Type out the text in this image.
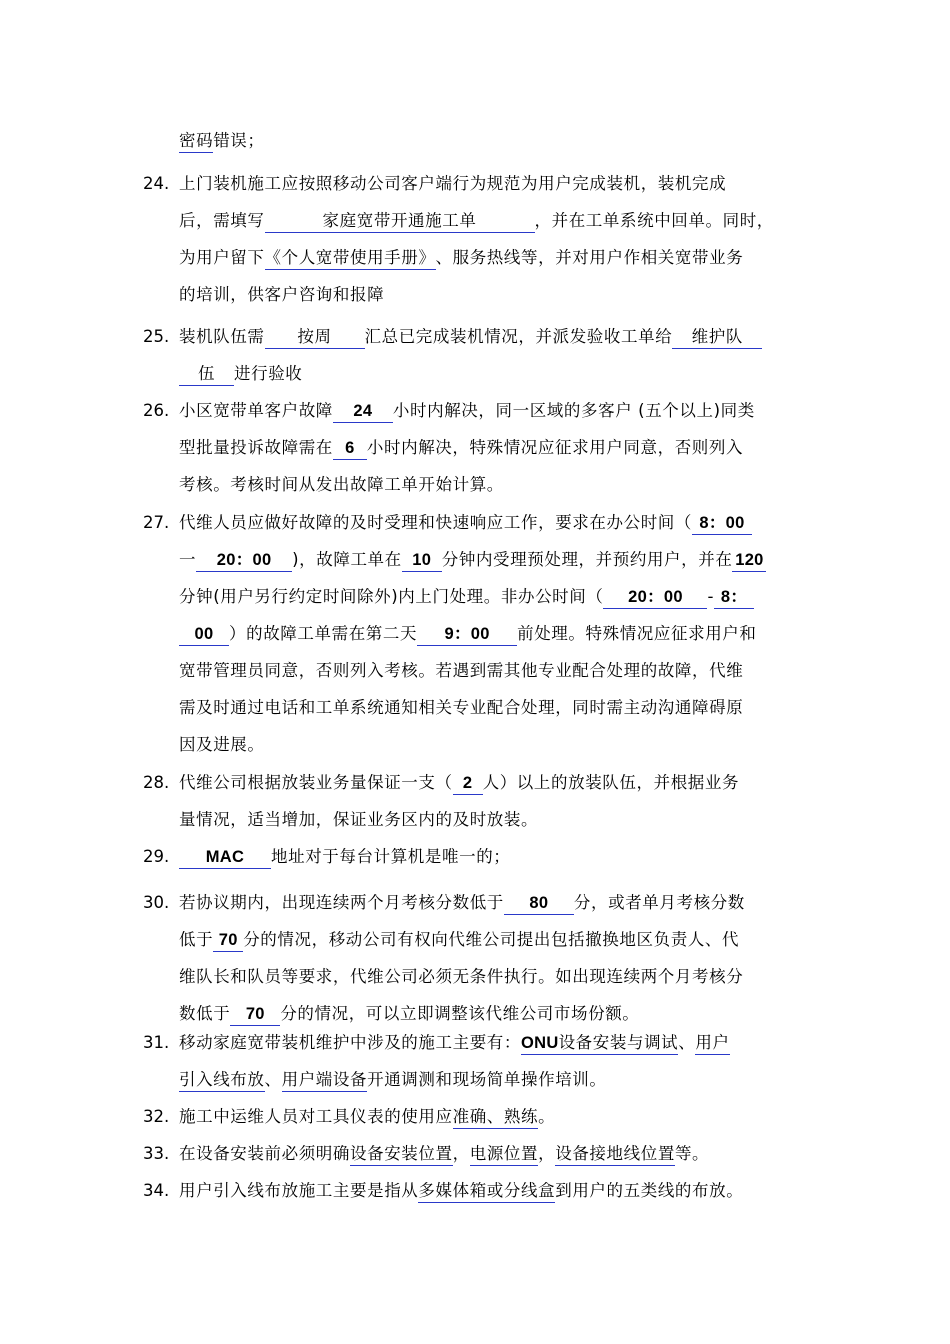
密码错误；
24. 上门装机施工应按照移动公司客户端行为规范为用户完成装机，装机完成
后，需填写	家庭宽带开通施工单	，并在工单系统中回单。同时，
为用户留下《个人宽带使用手册》、服务热线等，并对用户作相关宽带业务
的培训，供客户咨询和报障
25. 装机队伍需 按周 汇总已完成装机情况，并派发验收工单给 维护队
伍 进行验收
26. 小区宽带单客户故障 24 小时内解决，同一区域的多客户 (五个以上)同类
型批量投诉故障需在 6 小时内解决，特殊情况应征求用户同意，否则列入
考核。考核时间从发出故障工单开始计算。
27. 代维人员应做好故障的及时受理和快速响应工作，要求在办公时间（ 8：00
一 20：00 )，故障工单在 10 分钟内受理预处理，并预约用户，并在 120
分钟(用户另行约定时间除外)内上门处理。非办公时间（ 20：00 - 8：
00 ）的故障工单需在第二天 9：00 前处理。特殊情况应征求用户和
宽带管理员同意，否则列入考核。若遇到需其他专业配合处理的故障，代维
需及时通过电话和工单系统通知相关专业配合处理，同时需主动沟通障碍原
因及进展。
28. 代维公司根据放装业务量保证一支（ 2 人）以上的放装队伍，并根据业务
量情况，适当增加，保证业务区内的及时放装。
29.	MAC 地址对于每台计算机是唯一的；
30. 若协议期内，出现连续两个月考核分数低于 80 分，或者单月考核分数
低于 70 分的情况，移动公司有权向代维公司提出包括撤换地区负责人、代
维队长和队员等要求，代维公司必须无条件执行。如出现连续两个月考核分
数低于 70 分的情况，可以立即调整该代维公司市场份额。
31. 移动家庭宽带装机维护中涉及的施工主要有：ONU设备安装与调试、用户
引入线布放、用户端设备开通调测和现场简单操作培训。
32. 施工中运维人员对工具仪表的使用应准确、熟练。
33. 在设备安装前必须明确设备安装位置，电源位置，设备接地线位置等。
34. 用户引入线布放施工主要是指从多媒体箱或分线盒到用户的五类线的布放。
